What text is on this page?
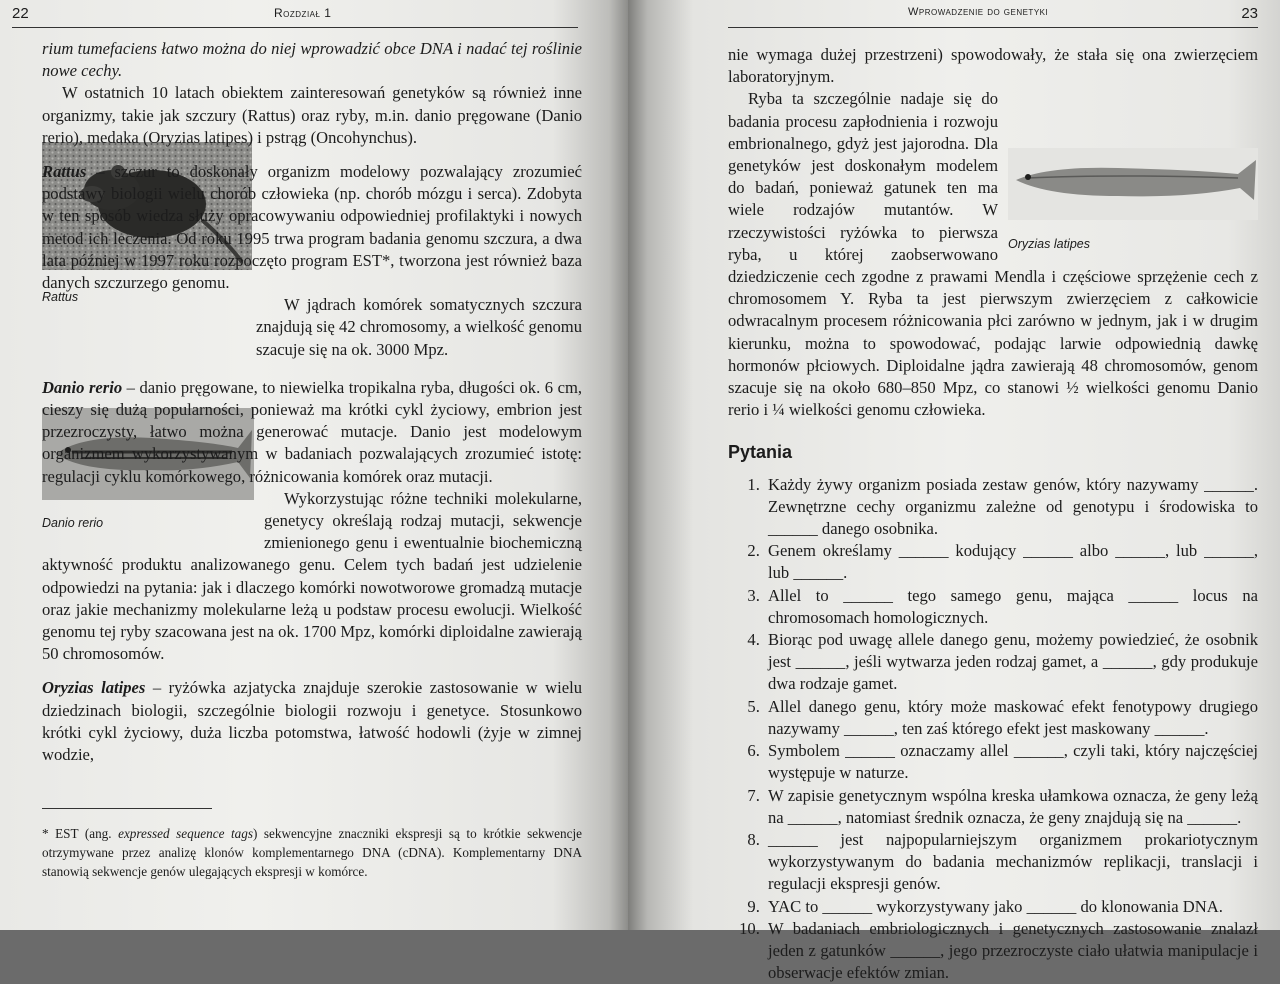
22	Rozdział 1

rium tumefaciens łatwo można do niej wprowadzić obce DNA i nadać tej roślinie nowe cechy.

W ostatnich 10 latach obiektem zainteresowań genetyków są również inne organizmy, takie jak szczury (Rattus) oraz ryby, m.in. danio pręgowane (Danio rerio), medaka (Oryzias latipes) i pstrąg (Oncohynchus).

Rattus – szczur to doskonały organizm modelowy pozwalający zrozumieć podstawy biologii wielu chorób człowieka (np. chorób mózgu i serca). Zdobyta w ten sposób wiedza służy opracowywaniu odpowiedniej profilaktyki i nowych metod ich leczenia. Od roku 1995 trwa program badania genomu szczura, a dwa lata później w 1997 roku rozpoczęto program EST*, tworzona jest również baza danych szczurzego genomu.

Rattus	W jądrach komórek somatycznych szczura znajdują się 42 chromosomy, a wielkość genomu szacuje się na ok. 3000 Mpz.

Danio rerio – danio pręgowane, to niewielka tropikalna ryba, długości ok. 6 cm, cieszy się dużą popularności, ponieważ ma krótki cykl życiowy, embrion jest przezroczysty, łatwo można generować mutacje. Danio jest modelowym organizmem wykorzystywanym w badaniach pozwalających zrozumieć istotę: regulacji cyklu komórkowego, różnicowania komórek oraz mutacji.

Danio rerio

Wykorzystując różne techniki molekularne, genetycy określają rodzaj mutacji, sekwencje zmienionego genu i ewentualnie biochemiczną aktywność produktu analizowanego genu. Celem tych badań jest udzielenie odpowiedzi na pytania: jak i dlaczego komórki nowotworowe gromadzą mutacje oraz jakie mechanizmy molekularne leżą u podstaw procesu ewolucji. Wielkość genomu tej ryby szacowana jest na ok. 1700 Mpz, komórki diploidalne zawierają 50 chromosomów.

Oryzias latipes – ryżówka azjatycka znajduje szerokie zastosowanie w wielu dziedzinach biologii, szczególnie biologii rozwoju i genetyce. Stosunkowo krótki cykl życiowy, duża liczba potomstwa, łatwość hodowli (żyje w zimnej wodzie,

* EST (ang. expressed sequence tags) sekwencyjne znaczniki ekspresji są to krótkie sekwencje otrzymywane przez analizę klonów komplementarnego DNA (cDNA). Komplementarny DNA stanowią sekwencje genów ulegających ekspresji w komórce.
Wprowadzenie do genetyki	23

nie wymaga dużej przestrzeni) spowodowały, że stała się ona zwierzęciem laboratoryjnym.

Oryzias latipes

Ryba ta szczególnie nadaje się do badania procesu zapłodnienia i rozwoju embrionalnego, gdyż jest jajorodna. Dla genetyków jest doskonałym modelem do badań, ponieważ gatunek ten ma wiele rodzajów mutantów. W rzeczywistości ryżówka to pierwsza ryba, u której zaobserwowano dziedziczenie cech zgodne z prawami Mendla i częściowe sprzężenie cech z chromosomem Y. Ryba ta jest pierwszym zwierzęciem z całkowicie odwracalnym procesem różnicowania płci zarówno w jednym, jak i w drugim kierunku, można to spowodować, podając larwie odpowiednią dawkę hormonów płciowych. Diploidalne jądra zawierają 48 chromosomów, genom szacuje się na około 680–850 Mpz, co stanowi ½ wielkości genomu Danio rerio i ¼ wielkości genomu człowieka.

Pytania
1. Każdy żywy organizm posiada zestaw genów, który nazywamy ______. Zewnętrzne cechy organizmu zależne od genotypu i środowiska to ______ danego osobnika.
2. Genem określamy ______ kodujący ______ albo ______, lub ______, lub ______.
3. Allel to ______ tego samego genu, mająca ______ locus na chromosomach homologicznych.
4. Biorąc pod uwagę allele danego genu, możemy powiedzieć, że osobnik jest ______, jeśli wytwarza jeden rodzaj gamet, a ______, gdy produkuje dwa rodzaje gamet.
5. Allel danego genu, który może maskować efekt fenotypowy drugiego nazywamy ______, ten zaś którego efekt jest maskowany ______.
6. Symbolem ______ oznaczamy allel ______, czyli taki, który najczęściej występuje w naturze.
7. W zapisie genetycznym wspólna kreska ułamkowa oznacza, że geny leżą na ______, natomiast średnik oznacza, że geny znajdują się na ______.
8. ______ jest najpopularniejszym organizmem prokariotycznym wykorzystywanym do badania mechanizmów replikacji, translacji i regulacji ekspresji genów.
9. YAC to ______ wykorzystywany jako ______ do klonowania DNA.
10. W badaniach embriologicznych i genetycznych zastosowanie znalazł jeden z gatunków ______, jego przezroczyste ciało ułatwia manipulacje i obserwacje efektów zmian.
